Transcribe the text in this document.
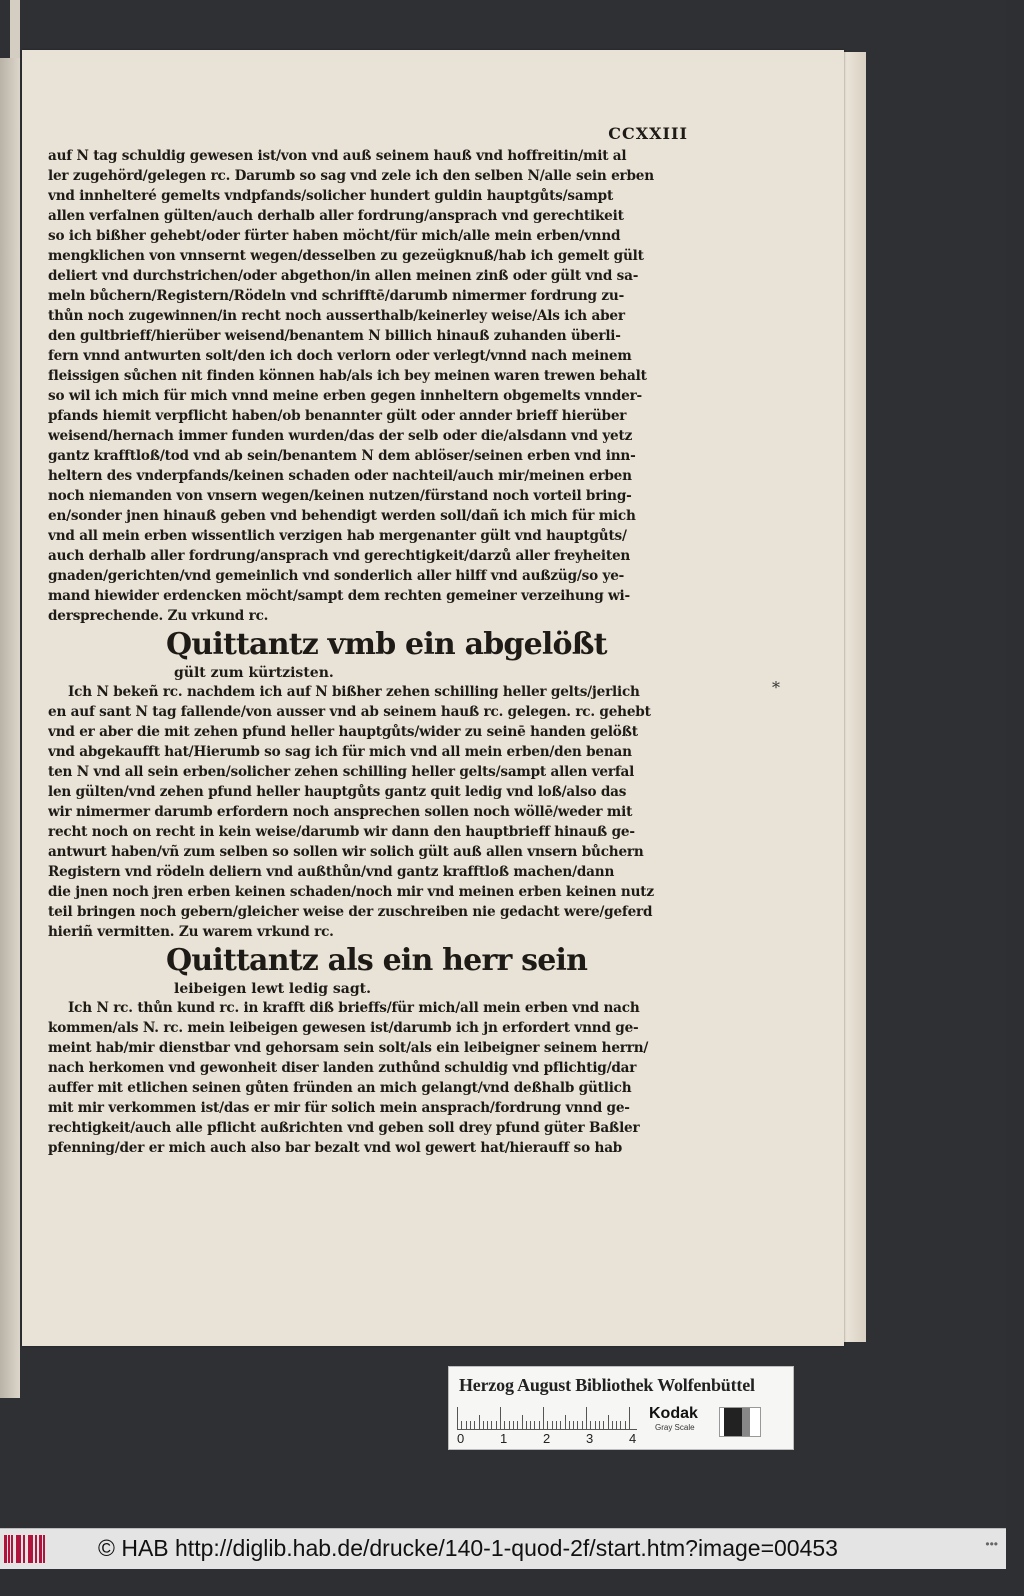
CCXXIII
auf N tag schuldig gewesen ist/von vnd auß seinem hauß vnd hoffreitin/mit al
ler zugehörd/gelegen rc. Darumb so sag vnd zele ich den selben N/alle sein erben
vnd innhelteré gemelts vndpfands/solicher hundert guldin hauptgůts/sampt
allen verfalnen gülten/auch derhalb aller fordrung/ansprach vnd gerechtikeit
so ich bißher gehebt/oder fürter haben möcht/für mich/alle mein erben/vnnd
mengklichen von vnnsernt wegen/desselben zu gezeügknuß/hab ich gemelt gült
deliert vnd durchstrichen/oder abgethon/in allen meinen zinß oder gült vnd sa-
meln bůchern/Registern/Rödeln vnd schrifftē/darumb nimermer fordrung zu-
thůn noch zugewinnen/in recht noch ausserthalb/keinerley weise/Als ich aber
den gultbrieff/hierüber weisend/benantem N billich hinauß zuhanden überli-
fern vnnd antwurten solt/den ich doch verlorn oder verlegt/vnnd nach meinem
fleissigen sůchen nit finden können hab/als ich bey meinen waren trewen behalt
so wil ich mich für mich vnnd meine erben gegen innheltern obgemelts vnnder-
pfands hiemit verpflicht haben/ob benannter gült oder annder brieff hierüber
weisend/hernach immer funden wurden/das der selb oder die/alsdann vnd yetz
gantz krafftloß/tod vnd ab sein/benantem N dem ablöser/seinen erben vnd inn-
heltern des vnderpfands/keinen schaden oder nachteil/auch mir/meinen erben
noch niemanden von vnsern wegen/keinen nutzen/fürstand noch vorteil bring-
en/sonder jnen hinauß geben vnd behendigt werden soll/dañ ich mich für mich
vnd all mein erben wissentlich verzigen hab mergenanter gült vnd hauptgůts/
auch derhalb aller fordrung/ansprach vnd gerechtigkeit/darzů aller freyheiten
gnaden/gerichten/vnd gemeinlich vnd sonderlich aller hilff vnd außzüg/so ye-
mand hiewider erdencken möcht/sampt dem rechten gemeiner verzeihung wi-
dersprechende. Zu vrkund rc.
Quittantz vmb ein abgelößt
gült zum kürtzisten.
Ich N bekeñ rc. nachdem ich auf N bißher zehen schilling heller gelts/jerlich
en auf sant N tag fallende/von ausser vnd ab seinem hauß rc. gelegen. rc. gehebt
vnd er aber die mit zehen pfund heller hauptgůts/wider zu seinē handen gelößt
vnd abgekaufft hat/Hierumb so sag ich für mich vnd all mein erben/den benan
ten N vnd all sein erben/solicher zehen schilling heller gelts/sampt allen verfal
len gülten/vnd zehen pfund heller hauptgůts gantz quit ledig vnd loß/also das
wir nimermer darumb erfordern noch ansprechen sollen noch wöllē/weder mit
recht noch on recht in kein weise/darumb wir dann den hauptbrieff hinauß ge-
antwurt haben/vñ zum selben so sollen wir solich gült auß allen vnsern bůchern
Registern vnd rödeln deliern vnd außthůn/vnd gantz krafftloß machen/dann
die jnen noch jren erben keinen schaden/noch mir vnd meinen erben keinen nutz
teil bringen noch gebern/gleicher weise der zuschreiben nie gedacht were/geferd
hieriñ vermitten. Zu warem vrkund rc.
Quittantz als ein herr sein
leibeigen lewt ledig sagt.
Ich N rc. thůn kund rc. in krafft diß brieffs/für mich/all mein erben vnd nach
kommen/als N. rc. mein leibeigen gewesen ist/darumb ich jn erfordert vnnd ge-
meint hab/mir dienstbar vnd gehorsam sein solt/als ein leibeigner seinem herrn/
nach herkomen vnd gewonheit diser landen zuthůnd schuldig vnd pflichtig/dar
auffer mit etlichen seinen gůten fründen an mich gelangt/vnd deßhalb gütlich
mit mir verkommen ist/das er mir für solich mein ansprach/fordrung vnnd ge-
rechtigkeit/auch alle pflicht außrichten vnd geben soll drey pfund güter Baßler
pfenning/der er mich auch also bar bezalt vnd wol gewert hat/hierauff so hab
*
Herzog August Bibliothek Wolfenbüttel
0	1	2	3	4
Kodak
Gray Scale
© HAB http://diglib.hab.de/drucke/140-1-quod-2f/start.htm?image=00453	•••
